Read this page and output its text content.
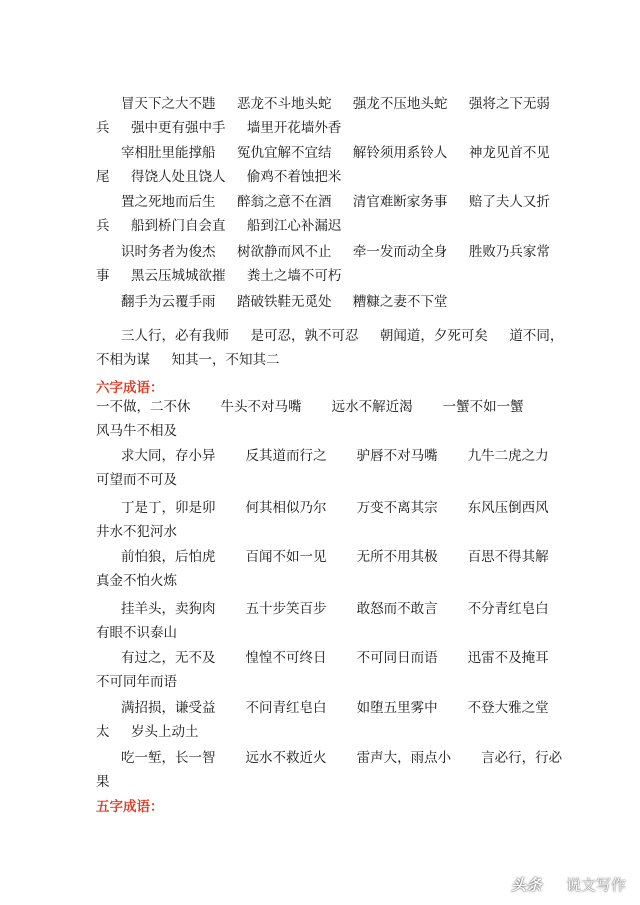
冒天下之大不韪     恶龙不斗地头蛇     强龙不压地头蛇     强将之下无弱
兵     强中更有强中手     墙里开花墙外香
宰相肚里能撑船     冤仇宜解不宜结     解铃须用系铃人     神龙见首不见
尾     得饶人处且饶人     偷鸡不着蚀把米
置之死地而后生     醉翁之意不在酒     清官难断家务事     赔了夫人又折
兵     船到桥门自会直     船到江心补漏迟
识时务者为俊杰     树欲静而风不止     牵一发而动全身     胜败乃兵家常
事     黑云压城城欲摧     粪土之墙不可朽
翻手为云覆手雨     踏破铁鞋无觅处     糟糠之妻不下堂
三人行，必有我师     是可忍，孰不可忍     朝闻道，夕死可矣     道不同，
不相为谋     知其一，不知其二
六字成语：
一不做，二不休       牛头不对马嘴       远水不解近渴       一蟹不如一蟹
风马牛不相及
求大同，存小异       反其道而行之       驴唇不对马嘴       九牛二虎之力
可望而不可及
丁是丁，卯是卯       何其相似乃尔       万变不离其宗       东风压倒西风
井水不犯河水
前怕狼，后怕虎       百闻不如一见       无所不用其极       百思不得其解
真金不怕火炼
挂羊头，卖狗肉       五十步笑百步       敢怒而不敢言       不分青红皂白
有眼不识泰山
有过之，无不及       惶惶不可终日       不可同日而语       迅雷不及掩耳
不可同年而语
满招损，谦受益       不问青红皂白       如堕五里雾中       不登大雅之堂
太     岁头上动土
吃一堑，长一智       远水不救近火       雷声大，雨点小       言必行，行必
果
五字成语：
头条 说文写作
